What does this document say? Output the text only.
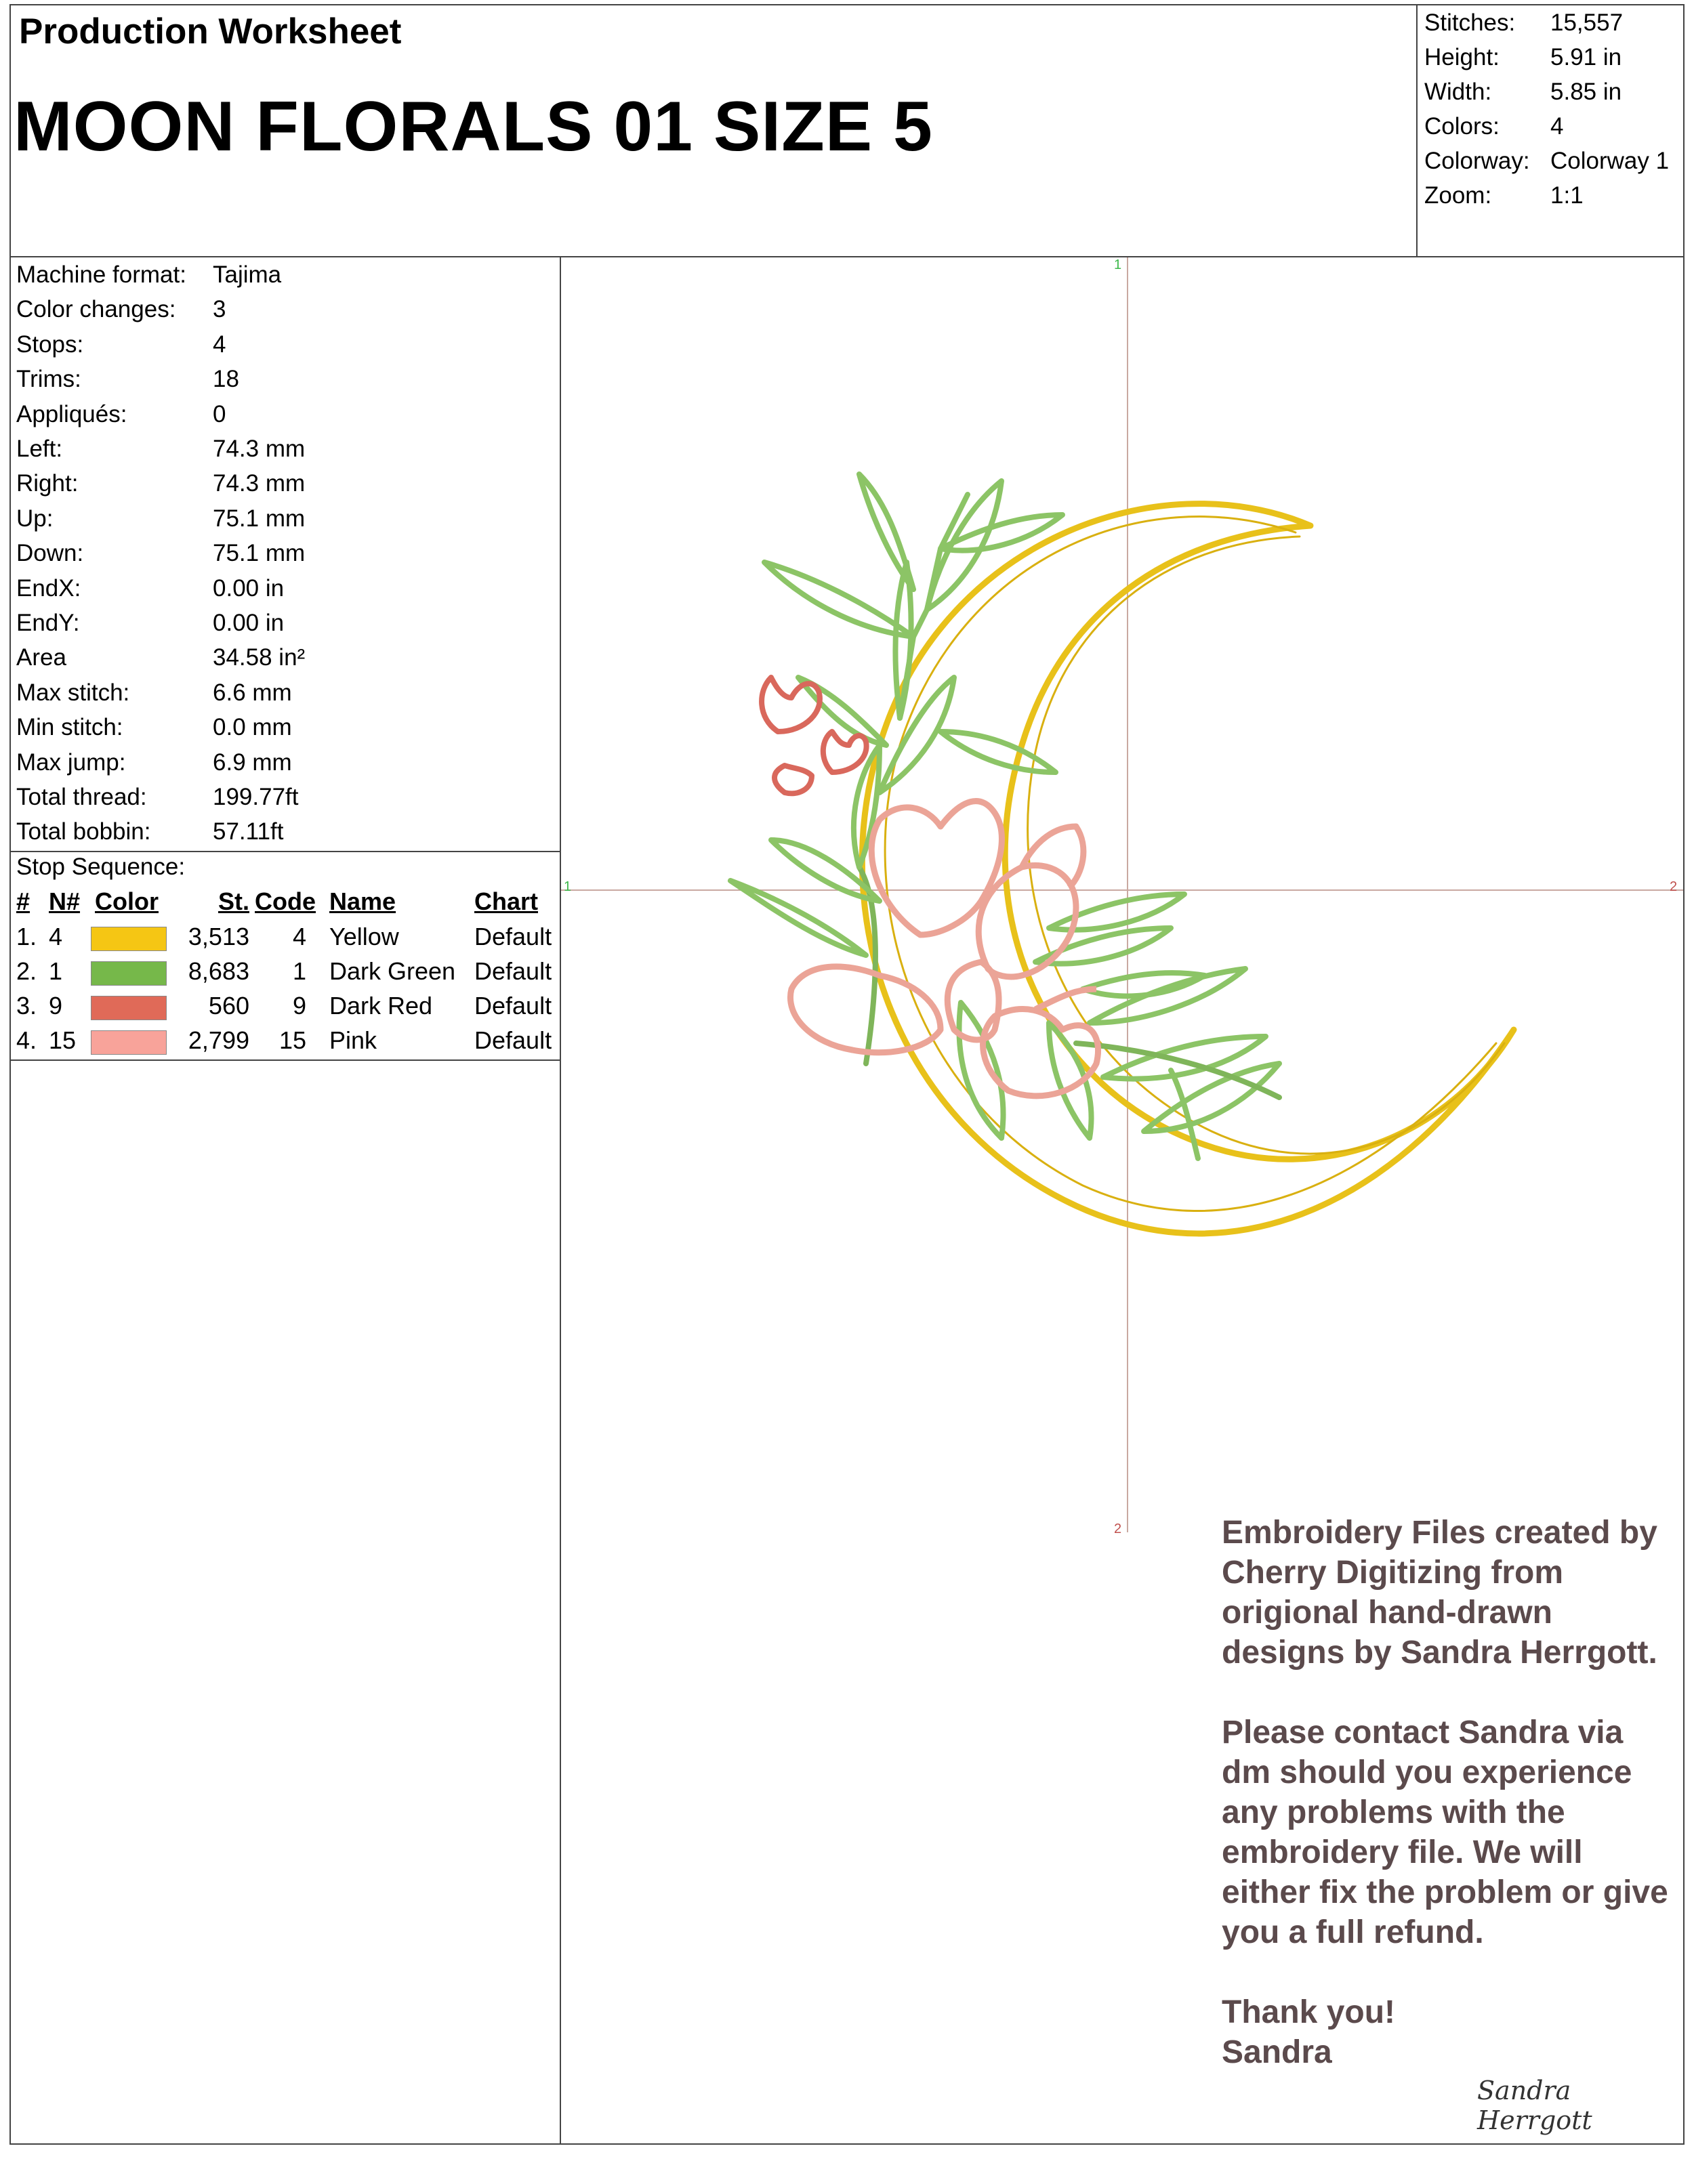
Production Worksheet
MOON FLORALS 01 SIZE 5
Stitches: 15,557
Height: 5.91 in
Width: 5.85 in
Colors: 4
Colorway: Colorway 1
Zoom: 1:1
Machine format: Tajima
Color changes: 3
Stops:	4
Trims:	18
Appliqués:	0
Left:	74.3 mm
Right:	74.3 mm
Up:	75.1 mm
Down:	75.1 mm
EndX:	0.00 in
EndY:	0.00 in
Area	34.58 in²
Max stitch:	6.6 mm
Min stitch:	0.0 mm
Max jump:	6.9 mm
Total thread:	199.77ft
Total bobbin:	57.11ft
Stop Sequence:
# N# Color St. Code Name	Chart
1. 4	3,513 4 Yellow	Default
2. 1	8,683 1 Dark Green Default
3. 9	560 9 Dark Red Default
4. 15	2,799 15 Pink	Default
1
1	2
2	Embroidery Files created by Cherry Digitizing from origional hand-drawn designs by Sandra Herrgott.

Please contact Sandra via dm should you experience any problems with the embroidery file. We will either fix the problem or give you a full refund.

Thank you!
Sandra
Sandra Herrgott
